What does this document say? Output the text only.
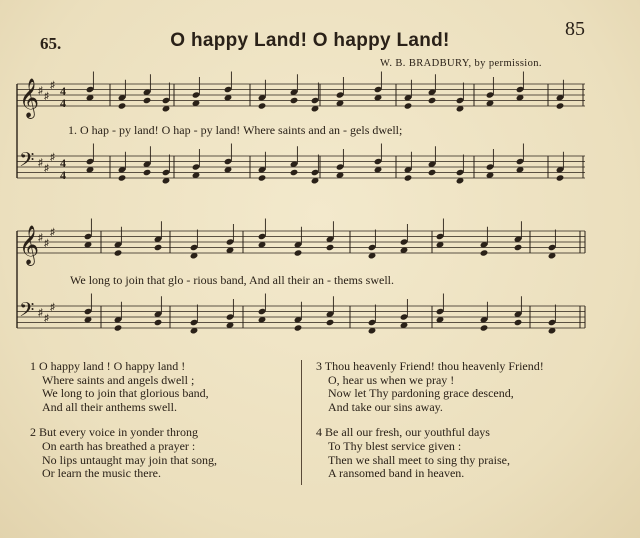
85
65.	O happy Land! O happy Land!
W. B. BRADBURY, by permission.
𝄞
♯ ♯
♯
𝄢 ♯ ♯
♯
𝄞
♯ ♯
♯
𝄢 ♯ ♯
♯
4
4
4
4
1. O hap - py land! O hap - py land! Where saints and an - gels dwell;
We long to join that glo - rious band, And all their an - thems swell.
1 O happy land ! O happy land !
Where saints and angels dwell ;
We long to join that glorious band,
And all their anthems swell.
2 But every voice in yonder throng
On earth has breathed a prayer :
No lips untaught may join that song,
Or learn the music there.
3 Thou heavenly Friend! thou heavenly Friend!
O, hear us when we pray !
Now let Thy pardoning grace descend,
And take our sins away.
4 Be all our fresh, our youthful days
To Thy blest service given :
Then we shall meet to sing thy praise,
A ransomed band in heaven.
